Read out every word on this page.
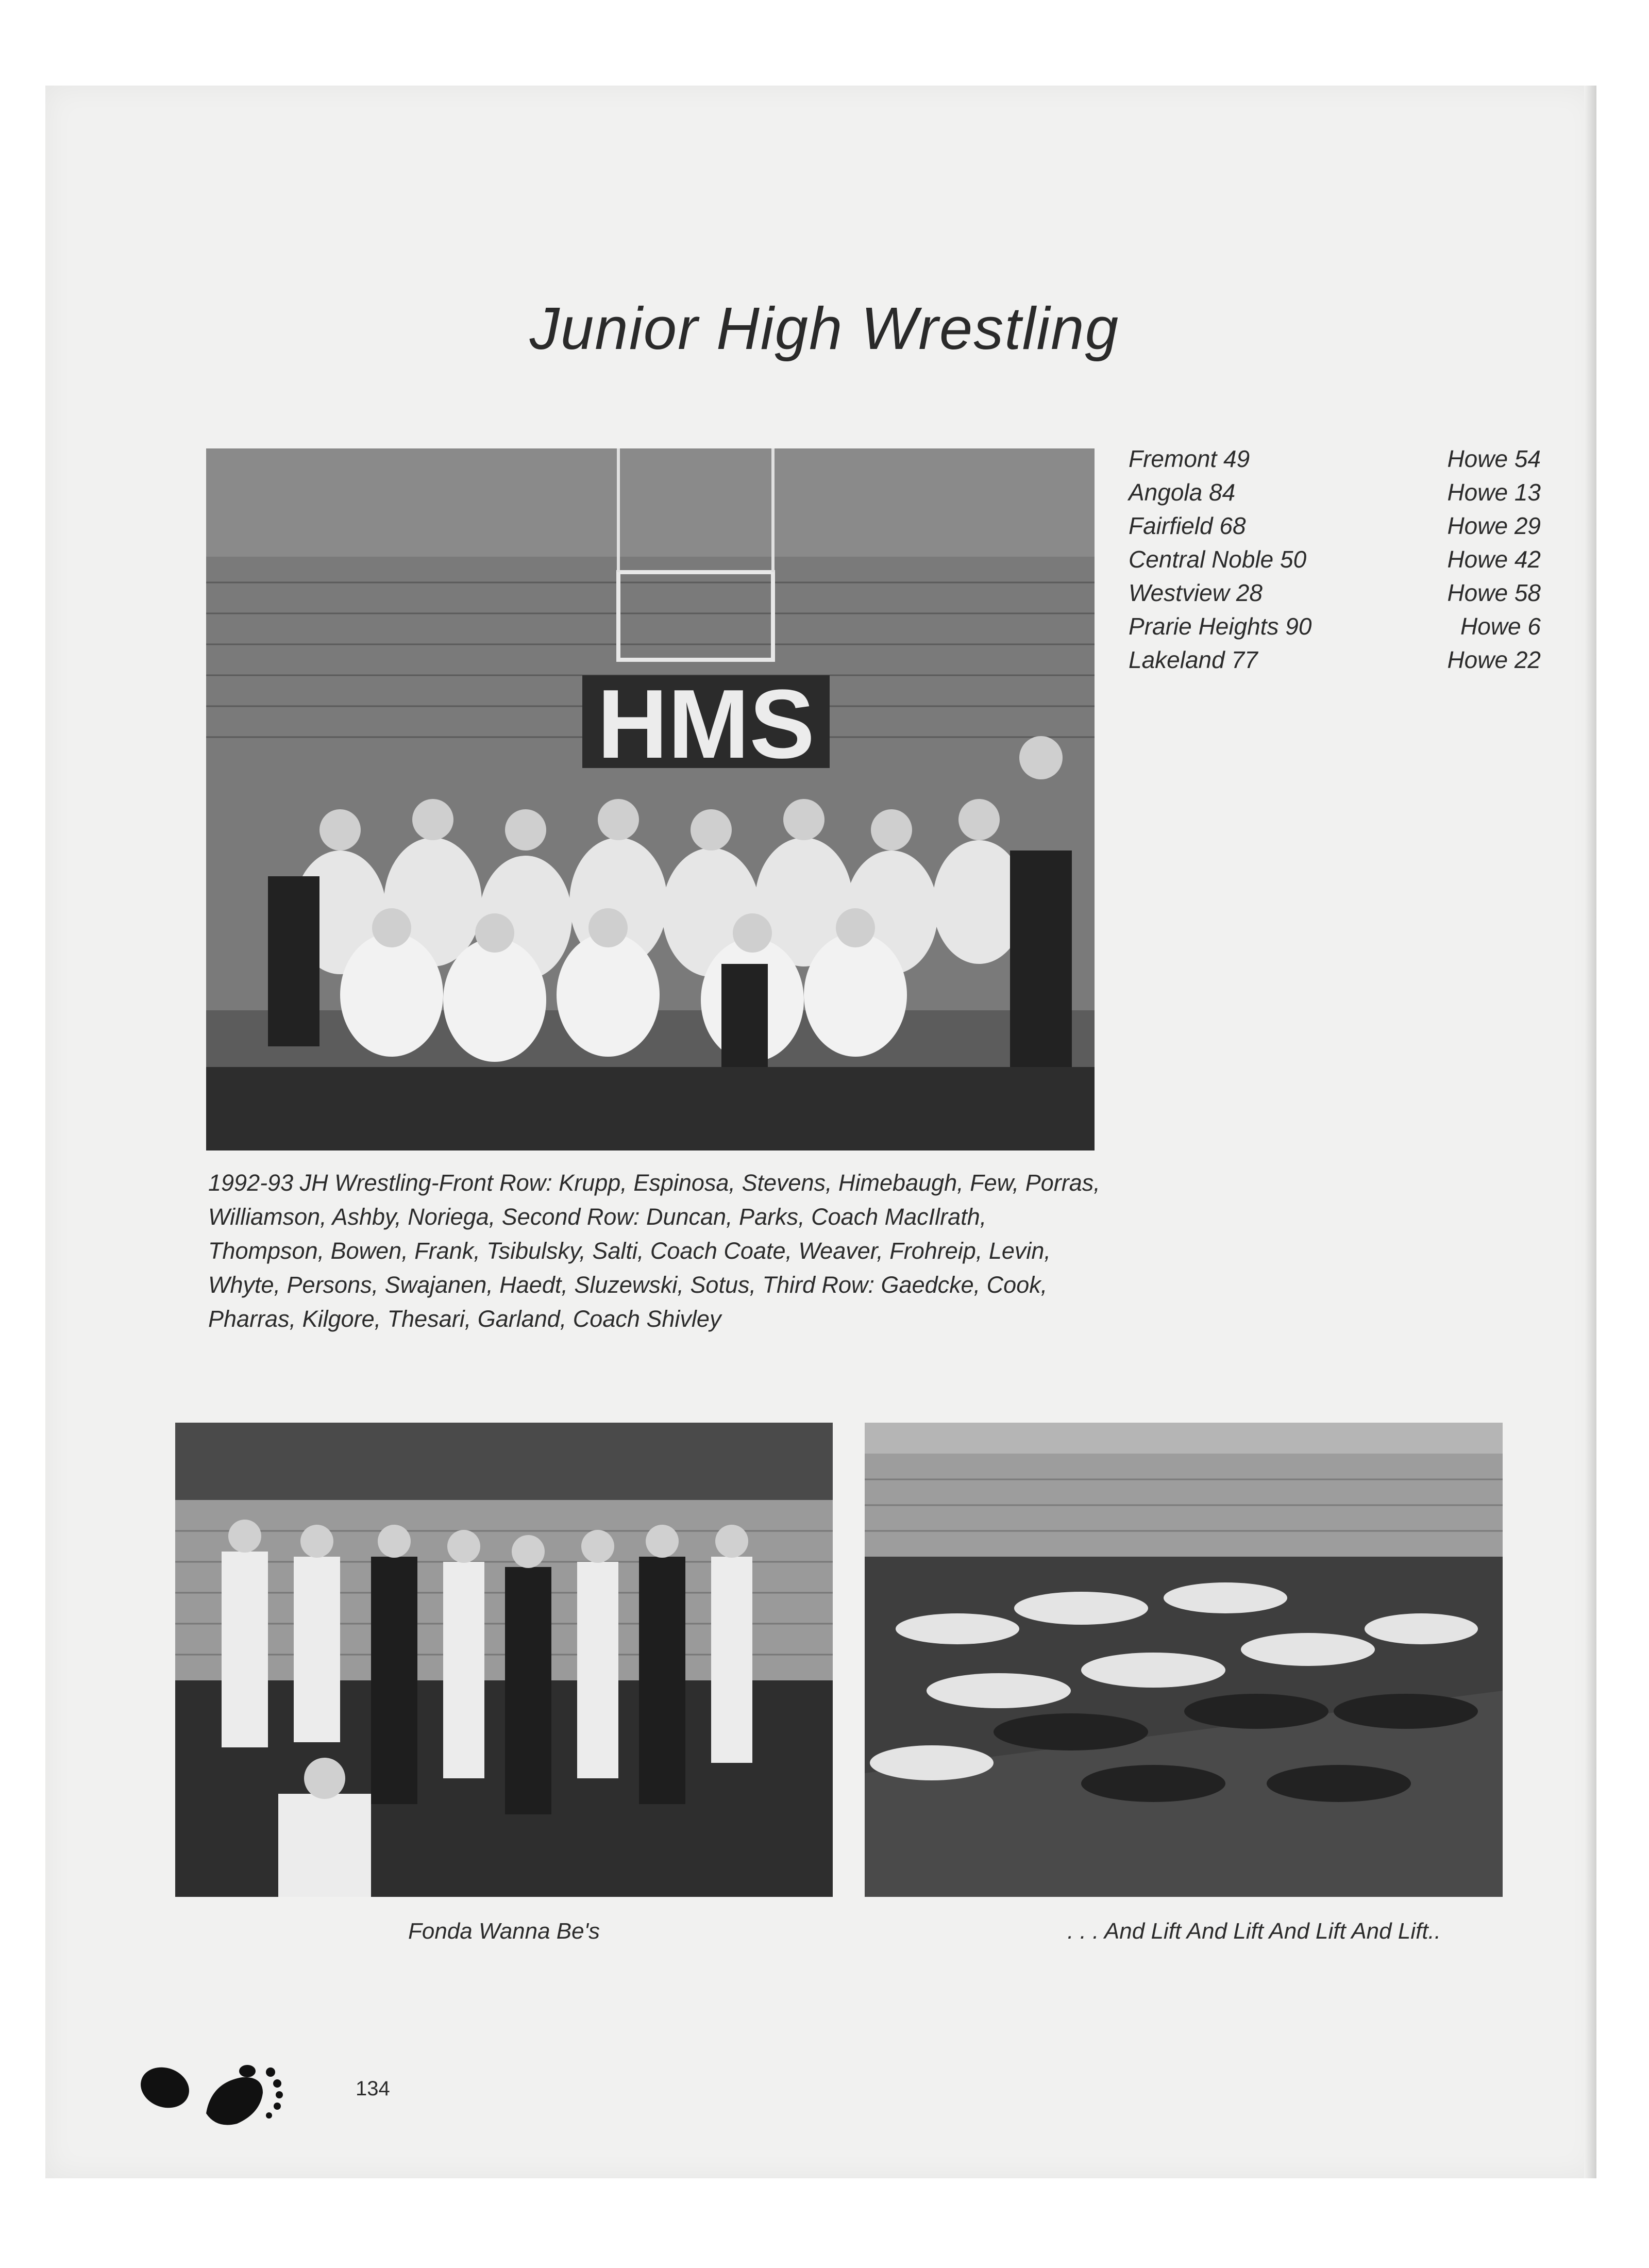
Junior High Wrestling
HMS
Fremont 49	Howe 54
Angola 84	Howe 13
Fairfield 68	Howe 29
Central Noble 50	Howe 42
Westview 28	Howe 58
Prarie Heights 90	Howe 6
Lakeland 77	Howe 22
1992-93 JH Wrestling-Front Row: Krupp, Espinosa, Stevens, Himebaugh, Few, Porras, Williamson, Ashby, Noriega, Second Row: Duncan, Parks, Coach MacIlrath, Thompson, Bowen, Frank, Tsibulsky, Salti, Coach Coate, Weaver, Frohreip, Levin, Whyte, Persons, Swajanen, Haedt, Sluzewski, Sotus, Third Row: Gaedcke, Cook, Pharras, Kilgore, Thesari, Garland, Coach Shivley
Fonda Wanna Be's	. . . And Lift And Lift And Lift And Lift..
134
